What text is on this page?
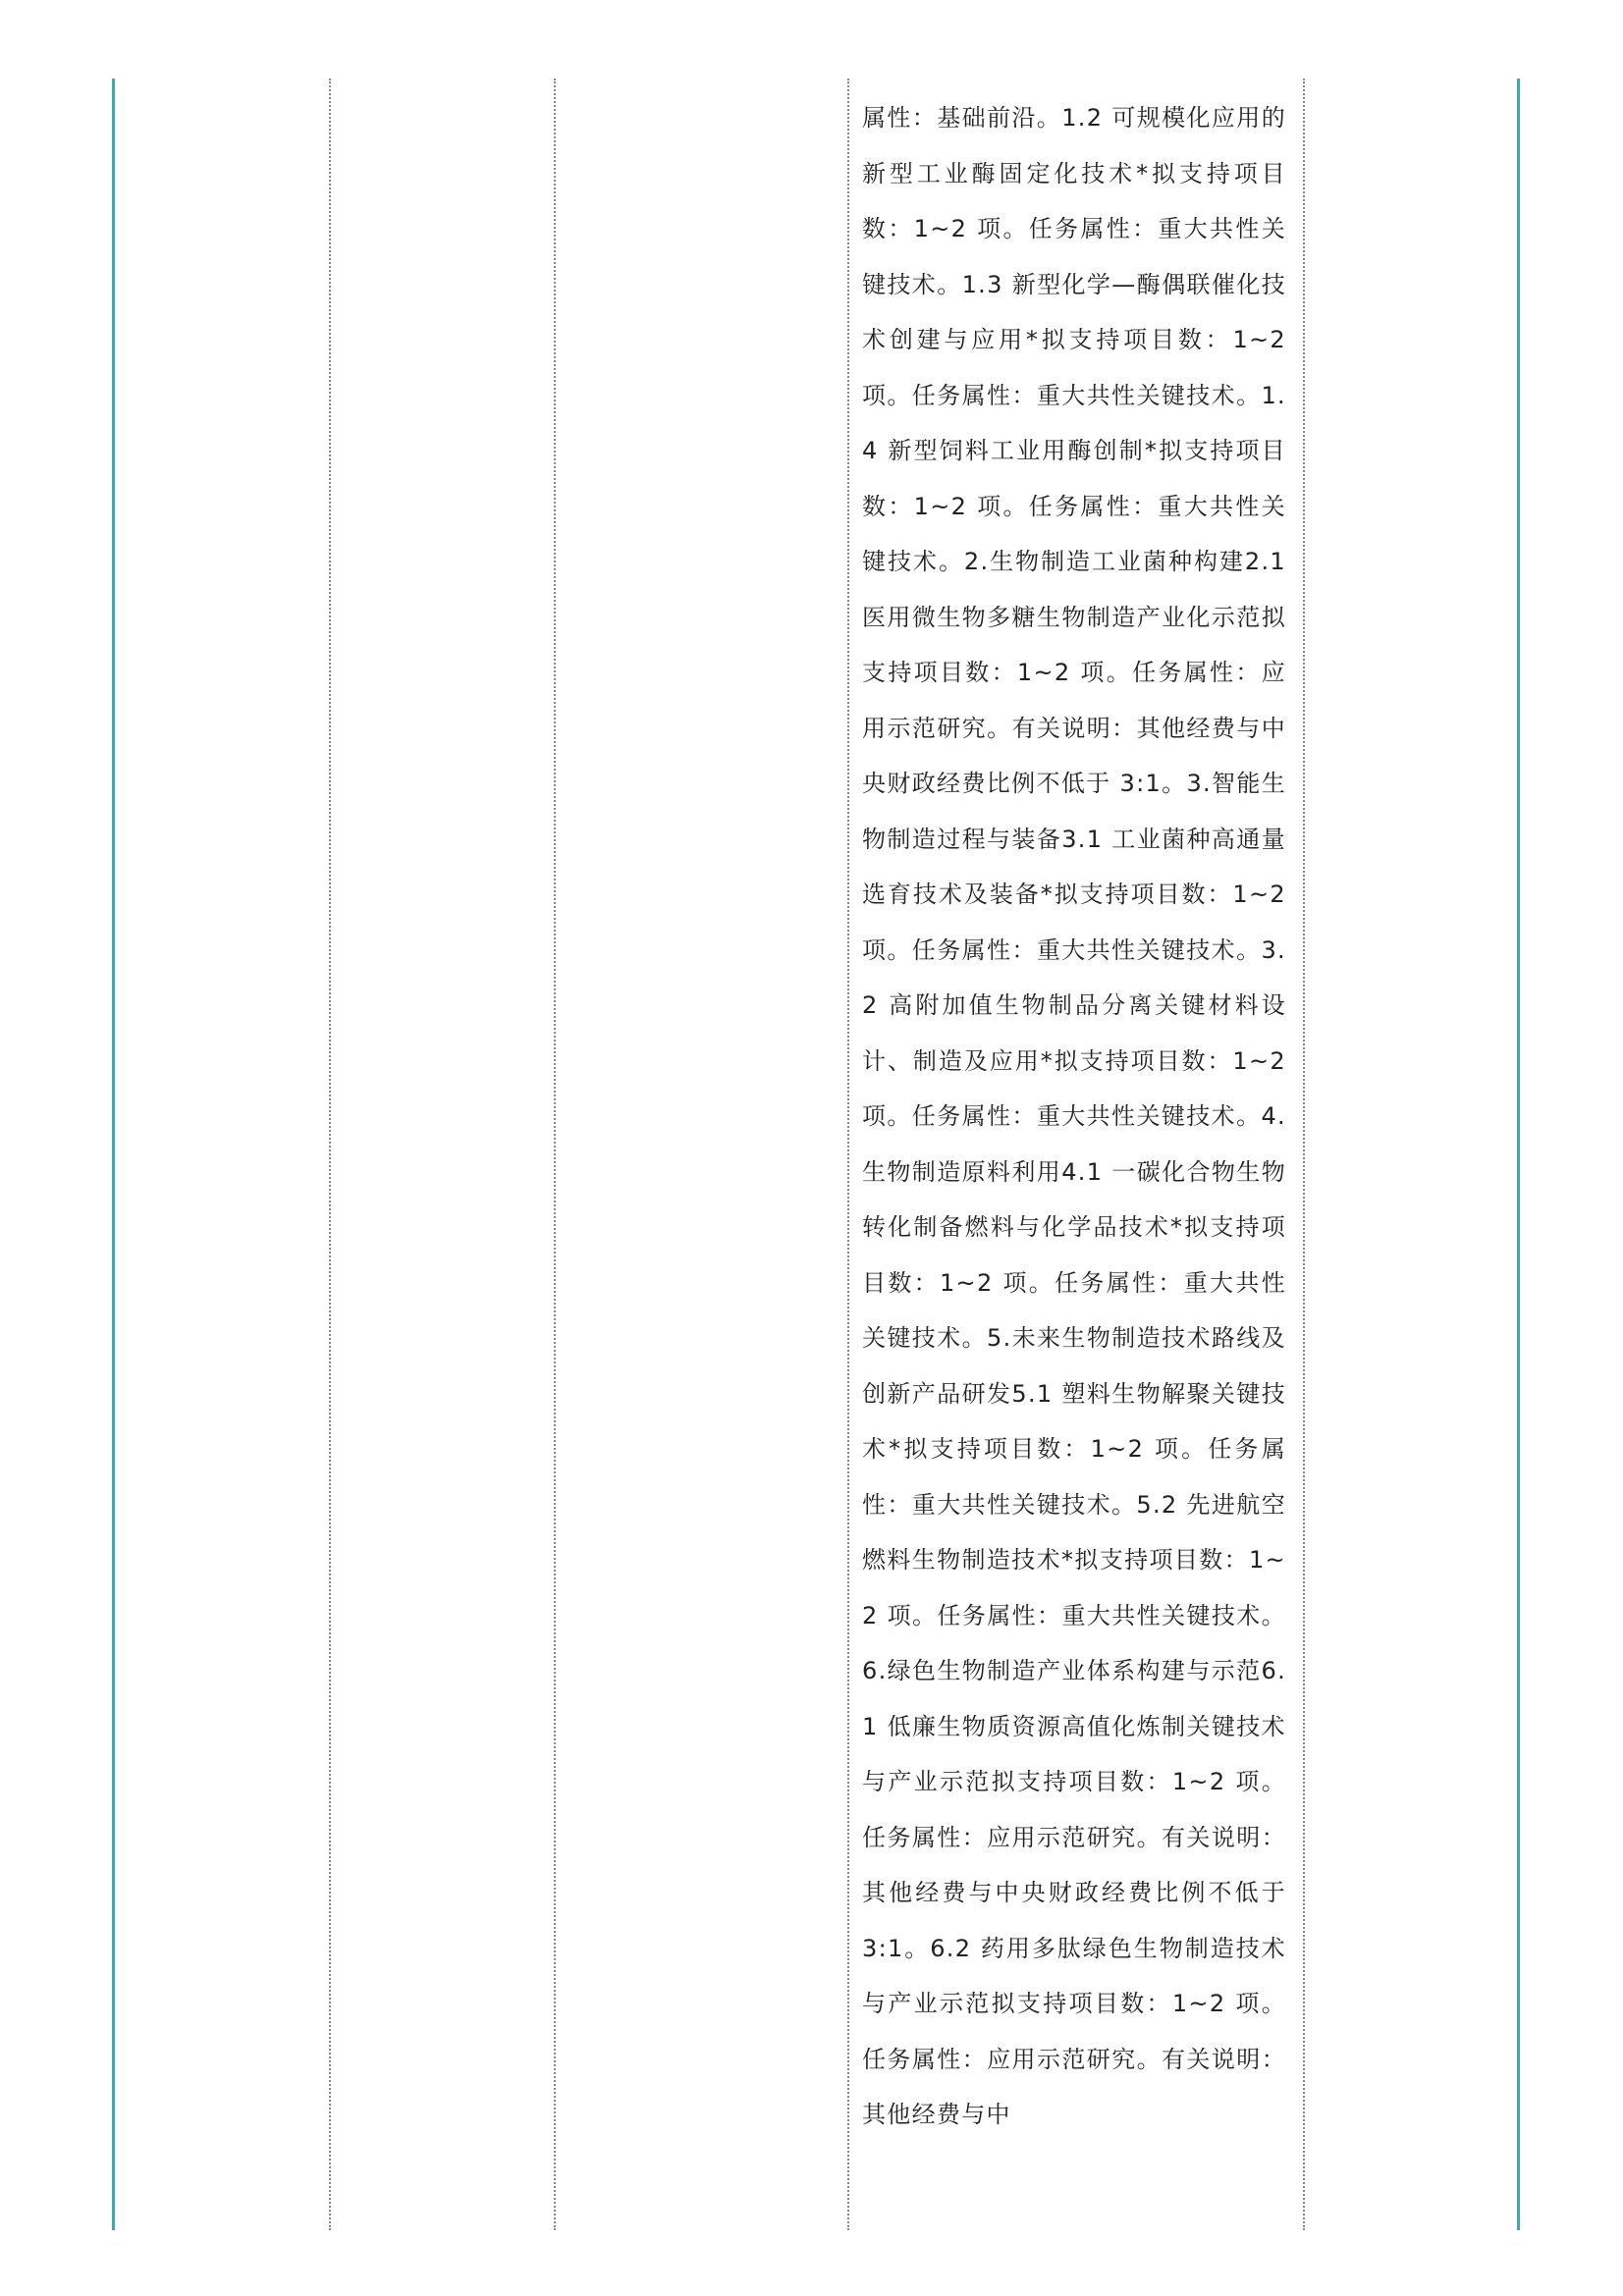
属性：基础前沿。1.2 可规模化应用的新型工业酶固定化技术*拟支持项目数：1~2 项。任务属性：重大共性关键技术。1.3 新型化学—酶偶联催化技术创建与应用*拟支持项目数：1~2 项。任务属性：重大共性关键技术。1.4 新型饲料工业用酶创制*拟支持项目数：1~2 项。任务属性：重大共性关键技术。2.生物制造工业菌种构建2.1 医用微生物多糖生物制造产业化示范拟支持项目数：1~2 项。任务属性：应用示范研究。有关说明：其他经费与中央财政经费比例不低于 3:1。3.智能生物制造过程与装备3.1 工业菌种高通量选育技术及装备*拟支持项目数：1~2 项。任务属性：重大共性关键技术。3.2 高附加值生物制品分离关键材料设计、制造及应用*拟支持项目数：1~2 项。任务属性：重大共性关键技术。4.生物制造原料利用4.1 一碳化合物生物转化制备燃料与化学品技术*拟支持项目数：1~2 项。任务属性：重大共性关键技术。5.未来生物制造技术路线及创新产品研发5.1 塑料生物解聚关键技术*拟支持项目数：1~2 项。任务属性：重大共性关键技术。5.2 先进航空燃料生物制造技术*拟支持项目数：1~2 项。任务属性：重大共性关键技术。6.绿色生物制造产业体系构建与示范6.1 低廉生物质资源高值化炼制关键技术与产业示范拟支持项目数：1~2 项。任务属性：应用示范研究。有关说明：其他经费与中央财政经费比例不低于 3:1。6.2 药用多肽绿色生物制造技术与产业示范拟支持项目数：1~2 项。任务属性：应用示范研究。有关说明：其他经费与中
